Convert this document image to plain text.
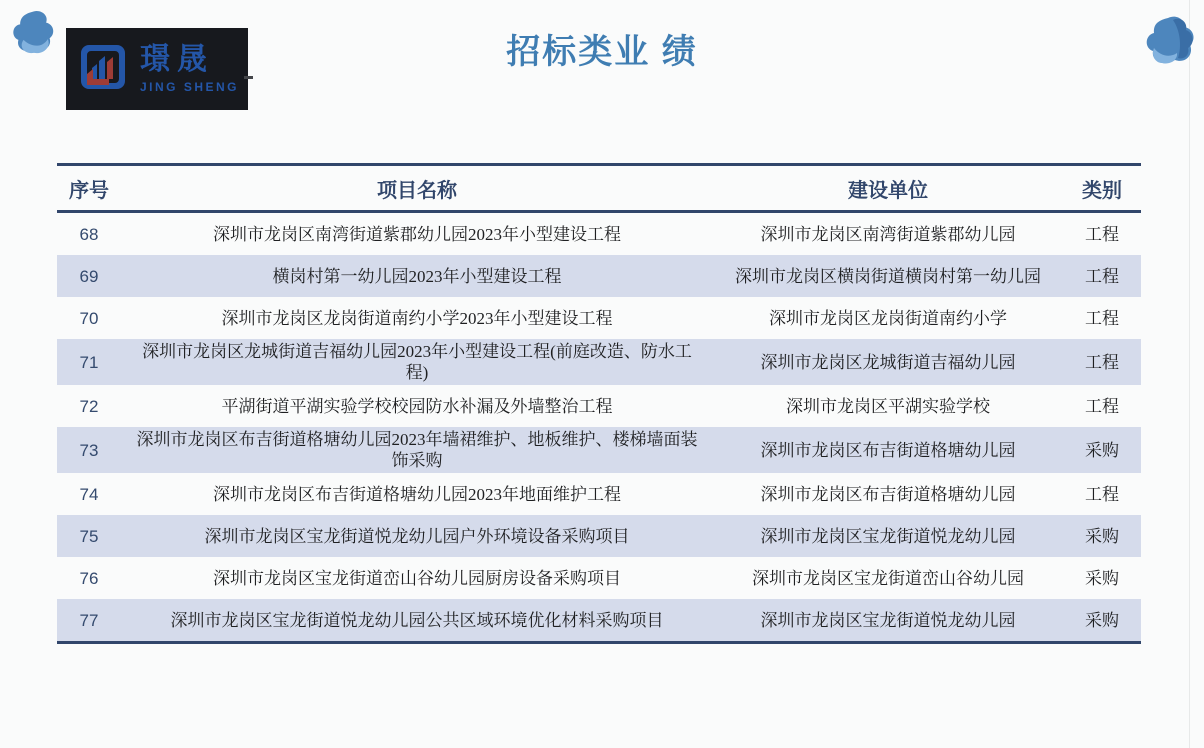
璟晟
JING SHENG
招标类业 绩
序号	项目名称	建设单位	类别
68	深圳市龙岗区南湾街道紫郡幼儿园2023年小型建设工程	深圳市龙岗区南湾街道紫郡幼儿园	工程
69	横岗村第一幼儿园2023年小型建设工程	深圳市龙岗区横岗街道横岗村第一幼儿园	工程
70	深圳市龙岗区龙岗街道南约小学2023年小型建设工程	深圳市龙岗区龙岗街道南约小学	工程
71	深圳市龙岗区龙城街道吉福幼儿园2023年小型建设工程(前庭改造、防水工程)	深圳市龙岗区龙城街道吉福幼儿园	工程
72	平湖街道平湖实验学校校园防水补漏及外墙整治工程	深圳市龙岗区平湖实验学校	工程
73	深圳市龙岗区布吉街道格塘幼儿园2023年墙裙维护、地板维护、楼梯墙面装饰采购	深圳市龙岗区布吉街道格塘幼儿园	采购
74	深圳市龙岗区布吉街道格塘幼儿园2023年地面维护工程	深圳市龙岗区布吉街道格塘幼儿园	工程
75	深圳市龙岗区宝龙街道悦龙幼儿园户外环境设备采购项目	深圳市龙岗区宝龙街道悦龙幼儿园	采购
76	深圳市龙岗区宝龙街道峦山谷幼儿园厨房设备采购项目	深圳市龙岗区宝龙街道峦山谷幼儿园	采购
77	深圳市龙岗区宝龙街道悦龙幼儿园公共区域环境优化材料采购项目	深圳市龙岗区宝龙街道悦龙幼儿园	采购
